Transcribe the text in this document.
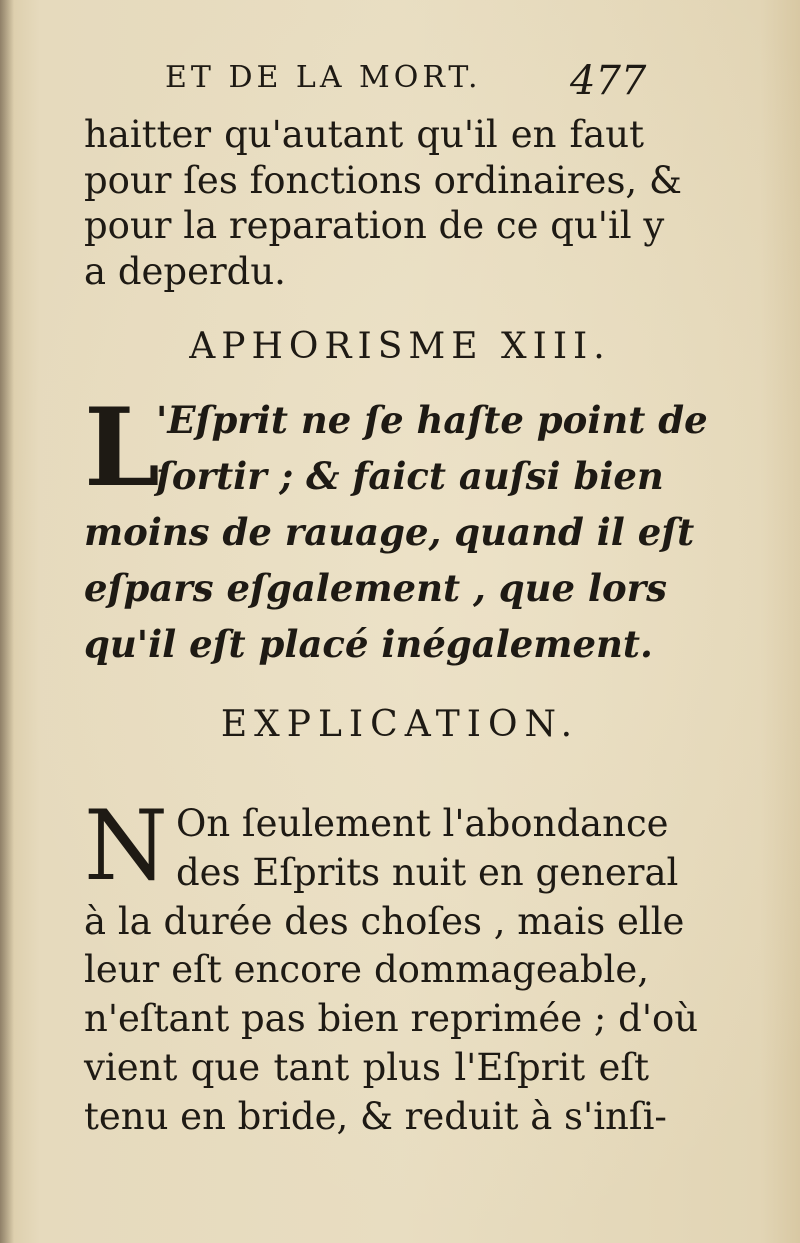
ET DE LA MORT. 477
haitter qu'autant qu'il en faut
pour ſes fonctions ordinaires, &
pour la reparation de ce qu'il y
a deperdu.
APHORISME XIII.
L
'Eſprit ne ſe haſte point de
ſortir ; & faict auſsi bien
moins de rauage, quand il eſt
eſpars eſgalement , que lors
qu'il eſt placé inégalement.
EXPLICATION.
N On ſeulement l'abondance
des Eſprits nuit en general
à la durée des choſes , mais elle
leur eſt encore dommageable,
n'eſtant pas bien reprimée ; d'où
vient que tant plus l'Eſprit eſt
tenu en bride, & reduit à s'inſi-
